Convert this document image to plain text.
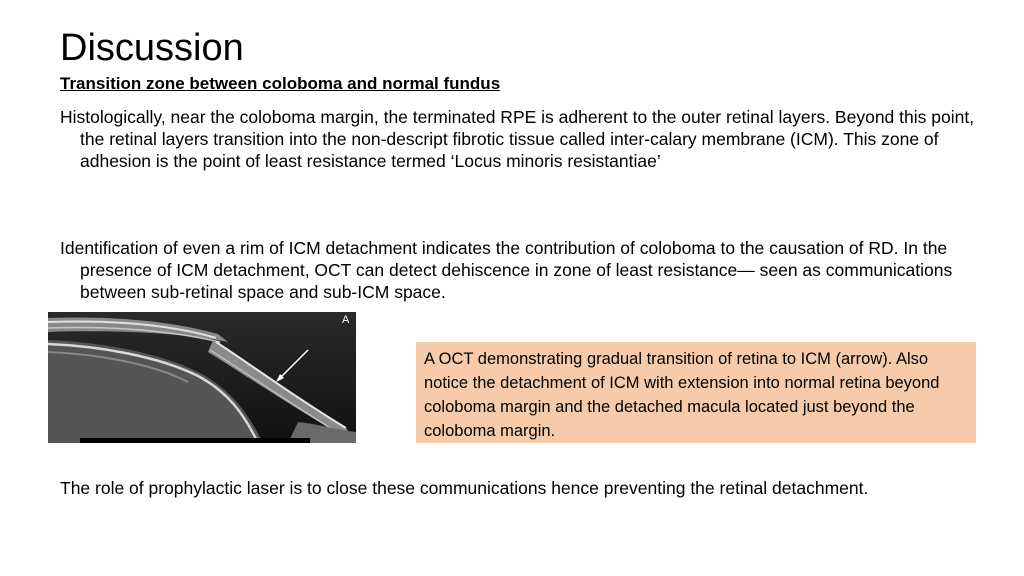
Discussion
Transition zone between coloboma and normal fundus
Histologically, near the coloboma margin, the terminated RPE is adherent to the outer retinal layers. Beyond this point, the retinal layers transition into the non-descript fibrotic tissue called inter-calary membrane (ICM). This zone of adhesion is the point of least resistance termed ‘Locus minoris resistantiae’
Identification of even a rim of ICM detachment indicates the contribution of coloboma to the causation of RD. In the presence of ICM detachment, OCT can detect dehiscence in zone of least resistance— seen as communications between sub-retinal space and sub-ICM space.
A
A OCT demonstrating gradual transition of retina to ICM (arrow). Also notice the detachment of ICM with extension into normal retina beyond coloboma margin and the detached macula located just beyond the coloboma margin.
The role of prophylactic laser is to close these communications hence preventing the retinal detachment.
